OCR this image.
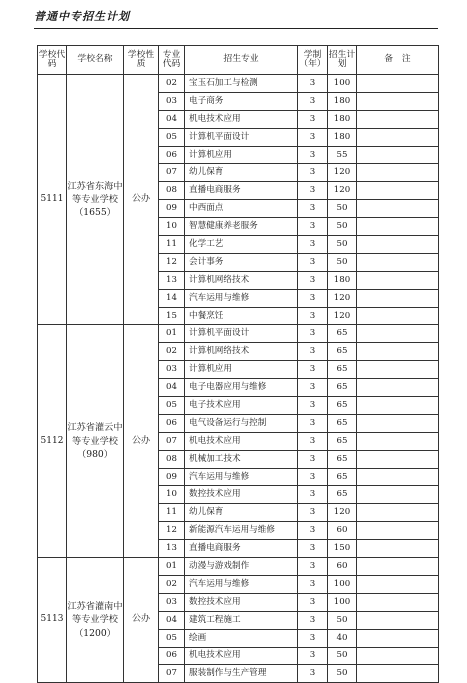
普通中专招生计划
学校代码	学校名称	学校性质	专业代码	招生专业	学制（年）	招生计划	备　注
5111	江苏省东海中等专业学校（1655）	公办	02	宝玉石加工与检测	3	100	
			03	电子商务	3	180	
			04	机电技术应用	3	180	
			05	计算机平面设计	3	180	
			06	计算机应用	3	55	
			07	幼儿保育	3	120	
			08	直播电商服务	3	120	
			09	中西面点	3	50	
			10	智慧健康养老服务	3	50	
			11	化学工艺	3	50	
			12	会计事务	3	50	
			13	计算机网络技术	3	180	
			14	汽车运用与维修	3	120	
			15	中餐烹饪	3	120	
5112	江苏省灌云中等专业学校（980）	公办	01	计算机平面设计	3	65	
			02	计算机网络技术	3	65	
			03	计算机应用	3	65	
			04	电子电器应用与维修	3	65	
			05	电子技术应用	3	65	
			06	电气设备运行与控制	3	65	
			07	机电技术应用	3	65	
			08	机械加工技术	3	65	
			09	汽车运用与维修	3	65	
			10	数控技术应用	3	65	
			11	幼儿保育	3	120	
			12	新能源汽车运用与维修	3	60	
			13	直播电商服务	3	150	
5113	江苏省灌南中等专业学校（1200）	公办	01	动漫与游戏制作	3	60	
			02	汽车运用与维修	3	100	
			03	数控技术应用	3	100	
			04	建筑工程施工	3	50	
			05	绘画	3	40	
			06	机电技术应用	3	50	
			07	服装制作与生产管理	3	50	
